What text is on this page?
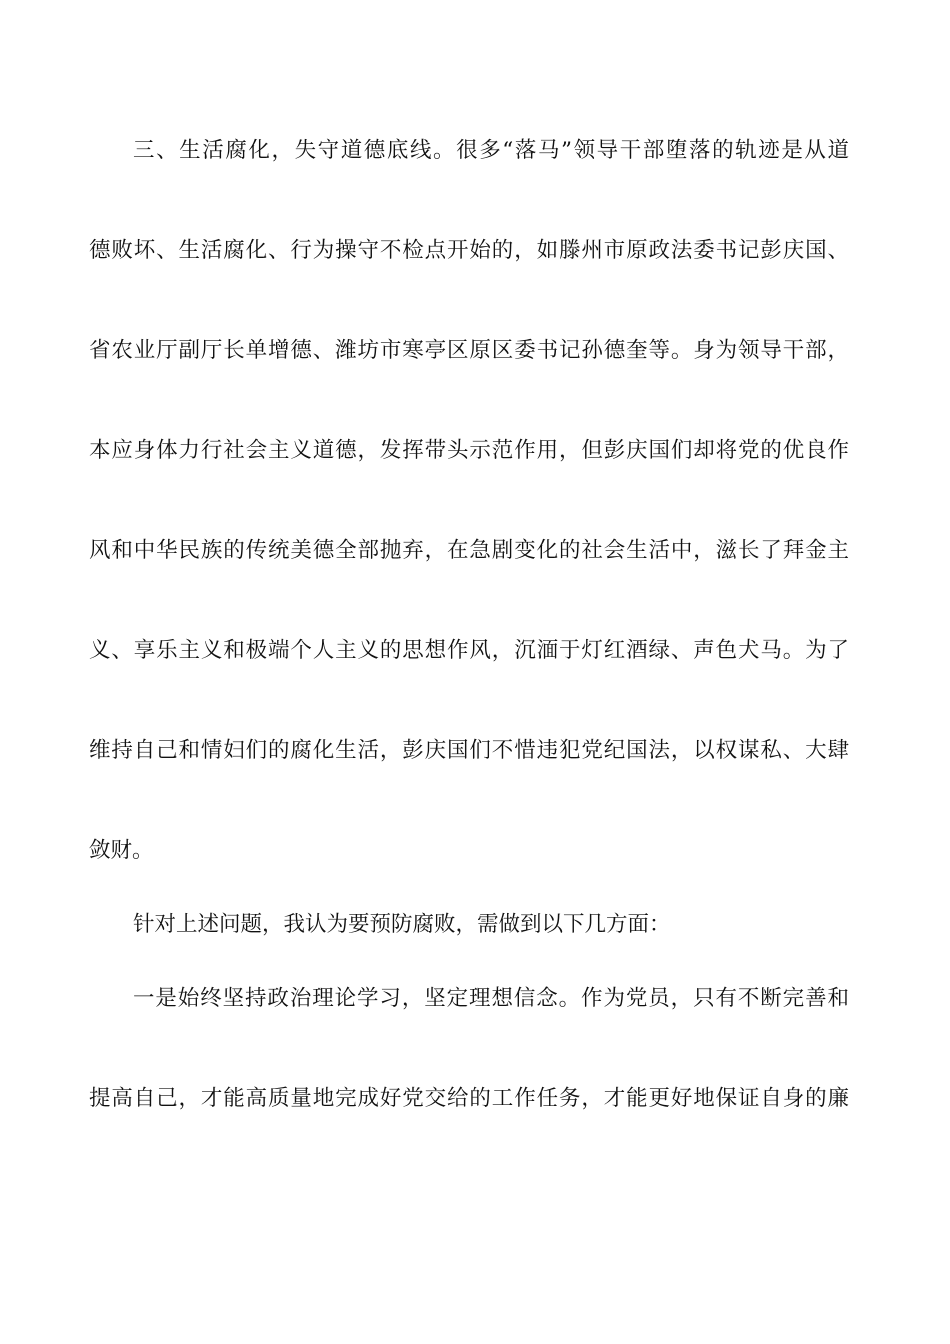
三、生活腐化，失守道德底线。很多“落马”领导干部堕落的轨迹是从道
德败坏、生活腐化、行为操守不检点开始的，如滕州市原政法委书记彭庆国、
省农业厅副厅长单增德、潍坊市寒亭区原区委书记孙德奎等。身为领导干部，
本应身体力行社会主义道德，发挥带头示范作用，但彭庆国们却将党的优良作
风和中华民族的传统美德全部抛弃，在急剧变化的社会生活中，滋长了拜金主
义、享乐主义和极端个人主义的思想作风，沉湎于灯红酒绿、声色犬马。为了
维持自己和情妇们的腐化生活，彭庆国们不惜违犯党纪国法，以权谋私、大肆
敛财。
针对上述问题，我认为要预防腐败，需做到以下几方面：
一是始终坚持政治理论学习，坚定理想信念。作为党员，只有不断完善和
提高自己，才能高质量地完成好党交给的工作任务，才能更好地保证自身的廉
